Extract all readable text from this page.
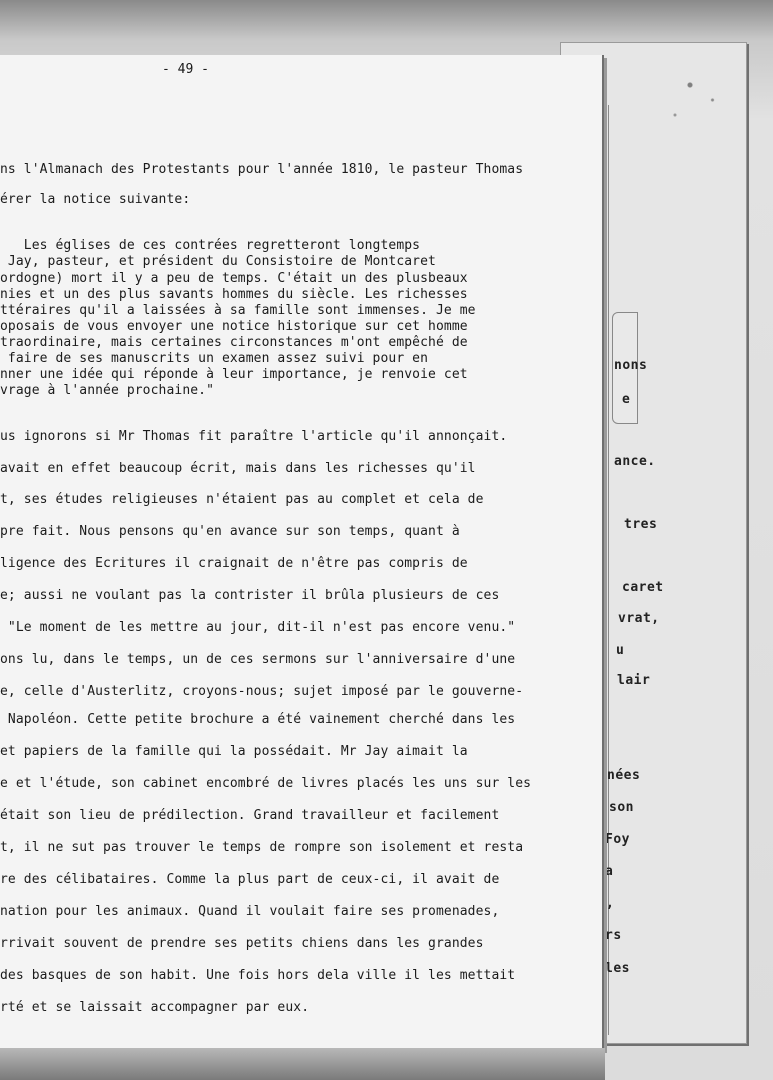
nons
e
ance.
tres
caret
vrat,
u
lair
nées
son
Foy
a
,
rs
les
- 49 -
ns l'Almanach des Protestants pour l'année 1810, le pasteur Thomas
érer la notice suivante:
Les églises de ces contrées regretteront longtemps
Jay, pasteur, et président du Consistoire de Montcaret
ordogne) mort il y a peu de temps. C'était un des plusbeaux
nies et un des plus savants hommes du siècle. Les richesses
ttéraires qu'il a laissées à sa famille sont immenses. Je me
oposais de vous envoyer une notice historique sur cet homme
traordinaire, mais certaines circonstances m'ont empêché de
faire de ses manuscrits un examen assez suivi pour en
nner une idée qui réponde à leur importance, je renvoie cet
vrage à l'année prochaine."
us ignorons si Mr Thomas fit paraître l'article qu'il annonçait.
avait en effet beaucoup écrit, mais dans les richesses qu'il
t, ses études religieuses n'étaient pas au complet et cela de
pre fait. Nous pensons qu'en avance sur son temps, quant à
ligence des Ecritures il craignait de n'être pas compris de
e; aussi ne voulant pas la contrister il brûla plusieurs de ces
"Le moment de les mettre au jour, dit-il n'est pas encore venu."
ons lu, dans le temps, un de ces sermons sur l'anniversaire d'une
e, celle d'Austerlitz, croyons-nous; sujet imposé par le gouverne-
Napoléon. Cette petite brochure a été vainement cherché dans les
et papiers de la famille qui la possédait. Mr Jay aimait la
e et l'étude, son cabinet encombré de livres placés les uns sur les
était son lieu de prédilection. Grand travailleur et facilement
t, il ne sut pas trouver le temps de rompre son isolement et resta
re des célibataires. Comme la plus part de ceux-ci, il avait de
nation pour les animaux. Quand il voulait faire ses promenades,
rrivait souvent de prendre ses petits chiens dans les grandes
des basques de son habit. Une fois hors dela ville il les mettait
rté et se laissait accompagner par eux.
